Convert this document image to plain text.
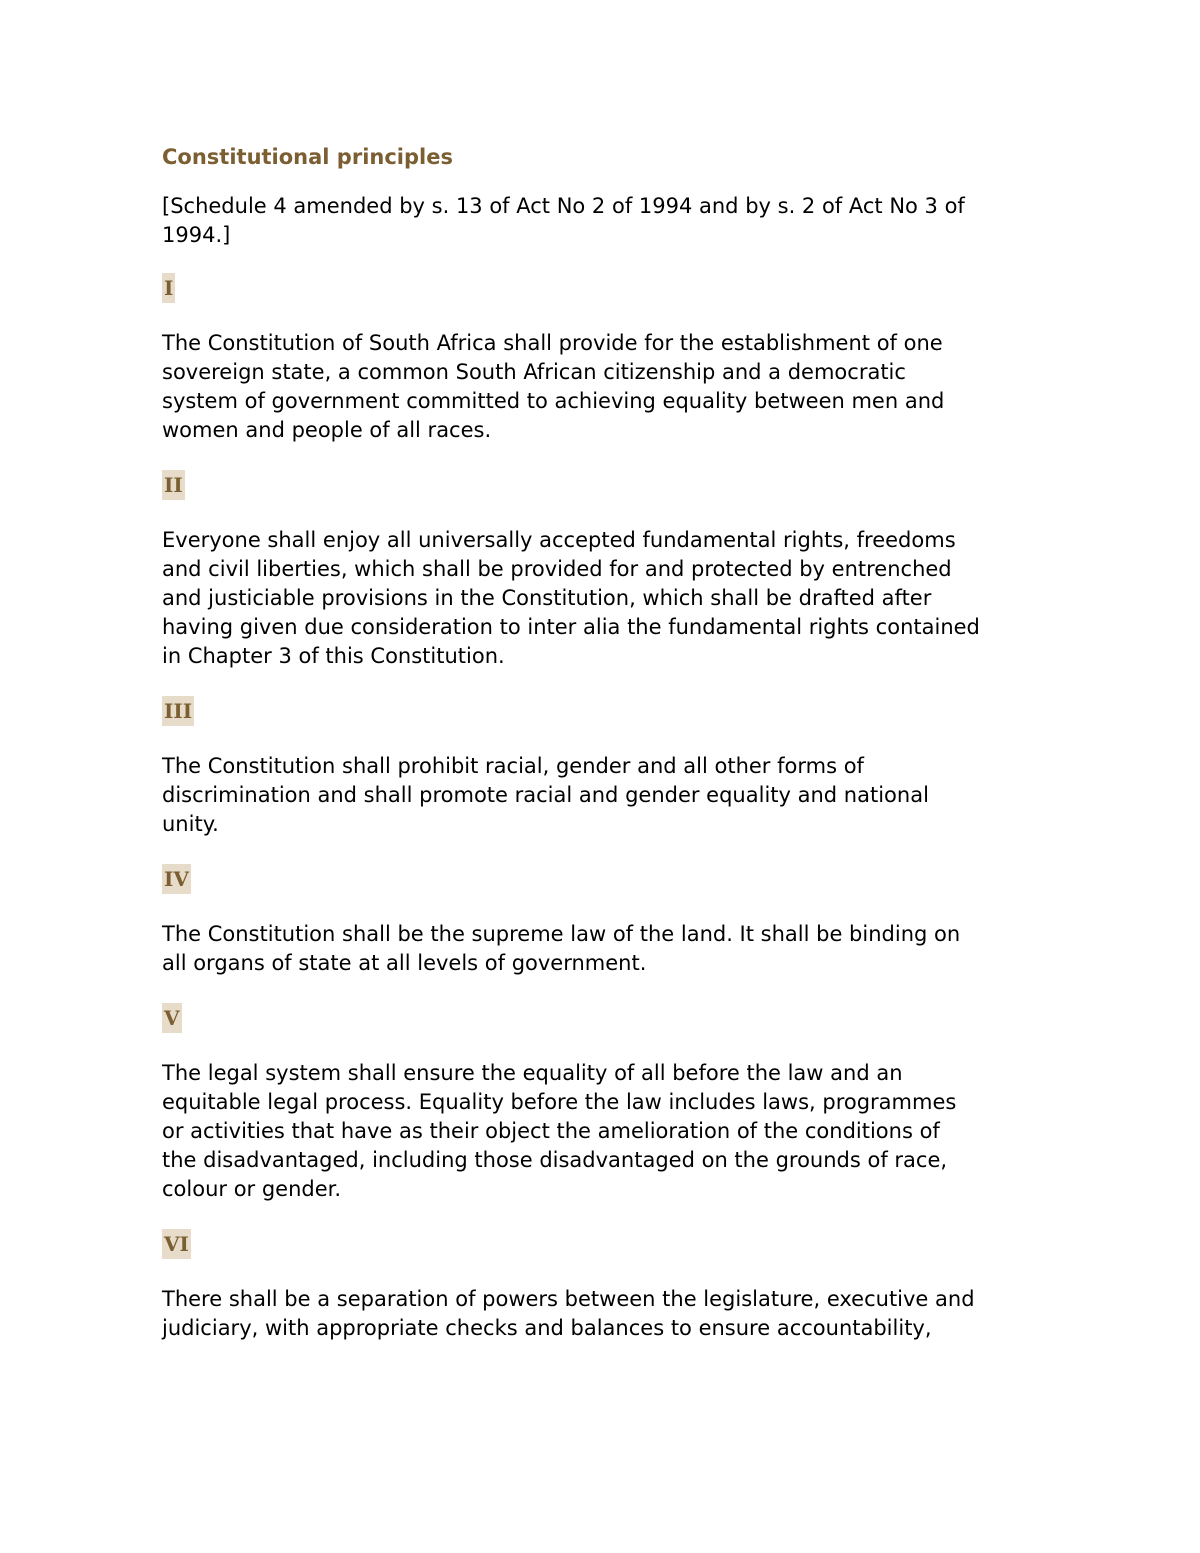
Constitutional principles
[Schedule 4 amended by s. 13 of Act No 2 of 1994 and by s. 2 of Act No 3 of
1994.]
I
The Constitution of South Africa shall provide for the establishment of one
sovereign state, a common South African citizenship and a democratic
system of government committed to achieving equality between men and
women and people of all races.
II
Everyone shall enjoy all universally accepted fundamental rights, freedoms
and civil liberties, which shall be provided for and protected by entrenched
and justiciable provisions in the Constitution, which shall be drafted after
having given due consideration to inter alia the fundamental rights contained
in Chapter 3 of this Constitution.
III
The Constitution shall prohibit racial, gender and all other forms of
discrimination and shall promote racial and gender equality and national
unity.
IV
The Constitution shall be the supreme law of the land. It shall be binding on
all organs of state at all levels of government.
V
The legal system shall ensure the equality of all before the law and an
equitable legal process. Equality before the law includes laws, programmes
or activities that have as their object the amelioration of the conditions of
the disadvantaged, including those disadvantaged on the grounds of race,
colour or gender.
VI
There shall be a separation of powers between the legislature, executive and
judiciary, with appropriate checks and balances to ensure accountability,
